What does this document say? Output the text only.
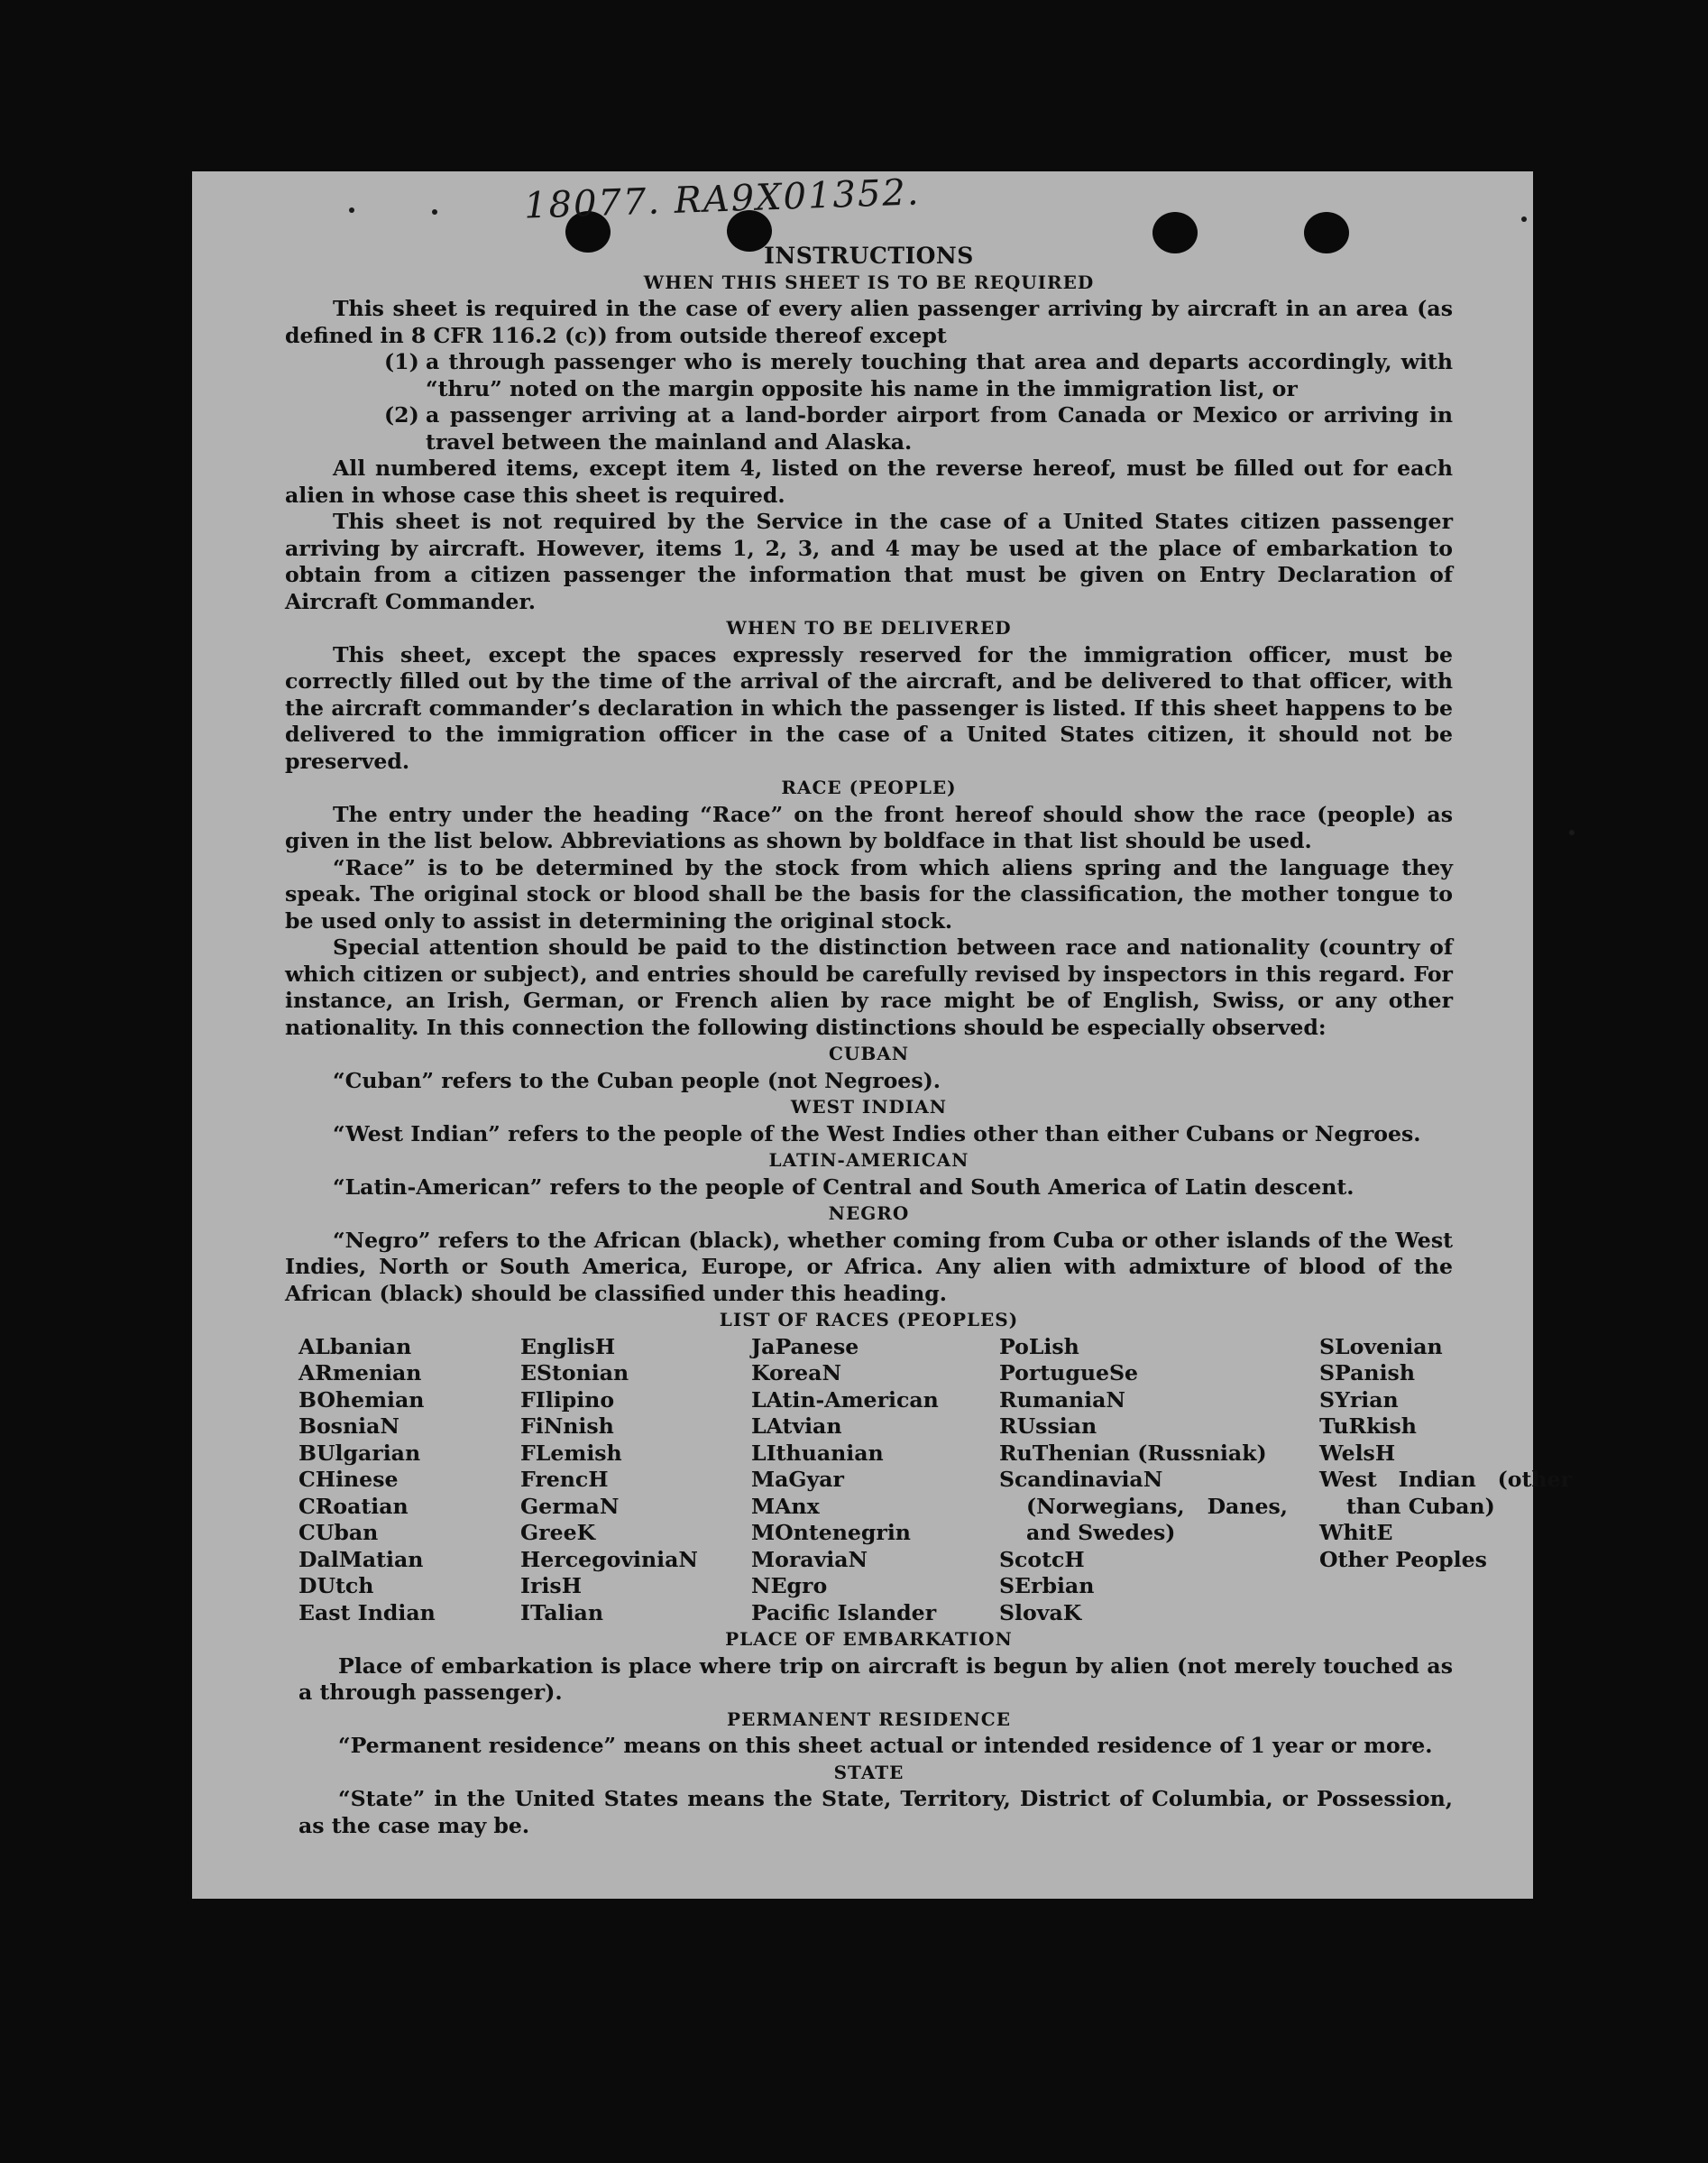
18077. RA9X01352.
INSTRUCTIONS
WHEN THIS SHEET IS TO BE REQUIRED

This sheet is required in the case of every alien passenger arriving by aircraft in an area (as defined in 8 CFR 116.2 (c)) from outside thereof except

(1) a through passenger who is merely touching that area and departs accordingly, with “thru” noted on the margin opposite his name in the immigration list, or
(2) a passenger arriving at a land-border airport from Canada or Mexico or arriving in travel between the mainland and Alaska.

All numbered items, except item 4, listed on the reverse hereof, must be filled out for each alien in whose case this sheet is required.

This sheet is not required by the Service in the case of a United States citizen passenger arriving by aircraft. However, items 1, 2, 3, and 4 may be used at the place of embarkation to obtain from a citizen passenger the information that must be given on Entry Declaration of Aircraft Commander.

WHEN TO BE DELIVERED

This sheet, except the spaces expressly reserved for the immigration officer, must be correctly filled out by the time of the arrival of the aircraft, and be delivered to that officer, with the aircraft commander’s declaration in which the passenger is listed. If this sheet happens to be delivered to the immigration officer in the case of a United States citizen, it should not be preserved.

RACE (PEOPLE)

The entry under the heading “Race” on the front hereof should show the race (people) as given in the list below. Abbreviations as shown by boldface in that list should be used.

“Race” is to be determined by the stock from which aliens spring and the language they speak. The original stock or blood shall be the basis for the classification, the mother tongue to be used only to assist in determining the original stock.

Special attention should be paid to the distinction between race and nationality (country of which citizen or subject), and entries should be carefully revised by inspectors in this regard. For instance, an Irish, German, or French alien by race might be of English, Swiss, or any other nationality. In this connection the following distinctions should be especially observed:

CUBAN

“Cuban” refers to the Cuban people (not Negroes).

WEST INDIAN

“West Indian” refers to the people of the West Indies other than either Cubans or Negroes.

LATIN-AMERICAN

“Latin-American” refers to the people of Central and South America of Latin descent.

NEGRO

“Negro” refers to the African (black), whether coming from Cuba or other islands of the West Indies, North or South America, Europe, or Africa. Any alien with admixture of blood of the African (black) should be classified under this heading.

LIST OF RACES (PEOPLES)
ALbanian
ARmenian
BOhemian
BosniaN
BUlgarian
CHinese
CRoatian
CUban
DalMatian
DUtch
East Indian
EnglisH
EStonian
FIlipino
FiNnish
FLemish
FrencH
GermaN
GreeK
HercegoviniaN
IrisH
ITalian
JaPanese
KoreaN
LAtin-American
LAtvian
LIthuanian
MaGyar
MAnx
MOntenegrin
MoraviaN
NEgro
Pacific Islander
PoLish
PortugueSe
RumaniaN
RUssian
RuThenian (Russniak)
ScandinaviaN (Norwegians, Danes, and Swedes)
ScotcH
SErbian
SlovaK
SLovenian
SPanish
SYrian
TuRkish
WelsH
West Indian (other than Cuban)
WhitE
Other Peoples
PLACE OF EMBARKATION

Place of embarkation is place where trip on aircraft is begun by alien (not merely touched as a through passenger).

PERMANENT RESIDENCE

“Permanent residence” means on this sheet actual or intended residence of 1 year or more.

STATE

“State” in the United States means the State, Territory, District of Columbia, or Possession, as the case may be.
